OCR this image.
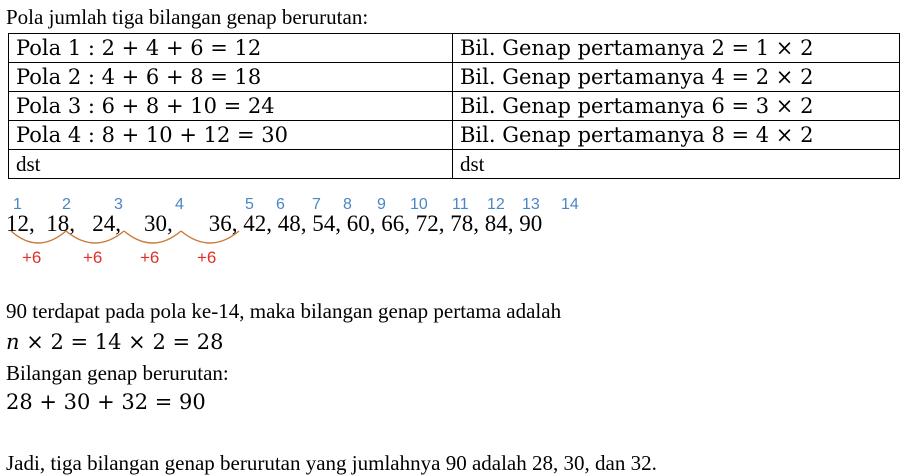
Pola jumlah tiga bilangan genap berurutan:
Pola 1 : 2 + 4 + 6 = 12	Bil. Genap pertamanya 2 = 1 × 2
Pola 2 : 4 + 6 + 8 = 18	Bil. Genap pertamanya 4 = 2 × 2
Pola 3 : 6 + 8 + 10 = 24	Bil. Genap pertamanya 6 = 3 × 2
Pola 4 : 8 + 10 + 12 = 30	Bil. Genap pertamanya 8 = 4 × 2
dst	dst
1	2	3	4	5 6 7 8 9 10 11 12 13 14
12,  18,   24,    30, 36, 42, 48, 54, 60, 66, 72, 78, 84, 90
+6 +6 +6 +6
90 terdapat pada pola ke-14, maka bilangan genap pertama adalah
n × 2 = 14 × 2 = 28
Bilangan genap berurutan:
28 + 30 + 32 = 90
Jadi, tiga bilangan genap berurutan yang jumlahnya 90 adalah 28, 30, dan 32.
